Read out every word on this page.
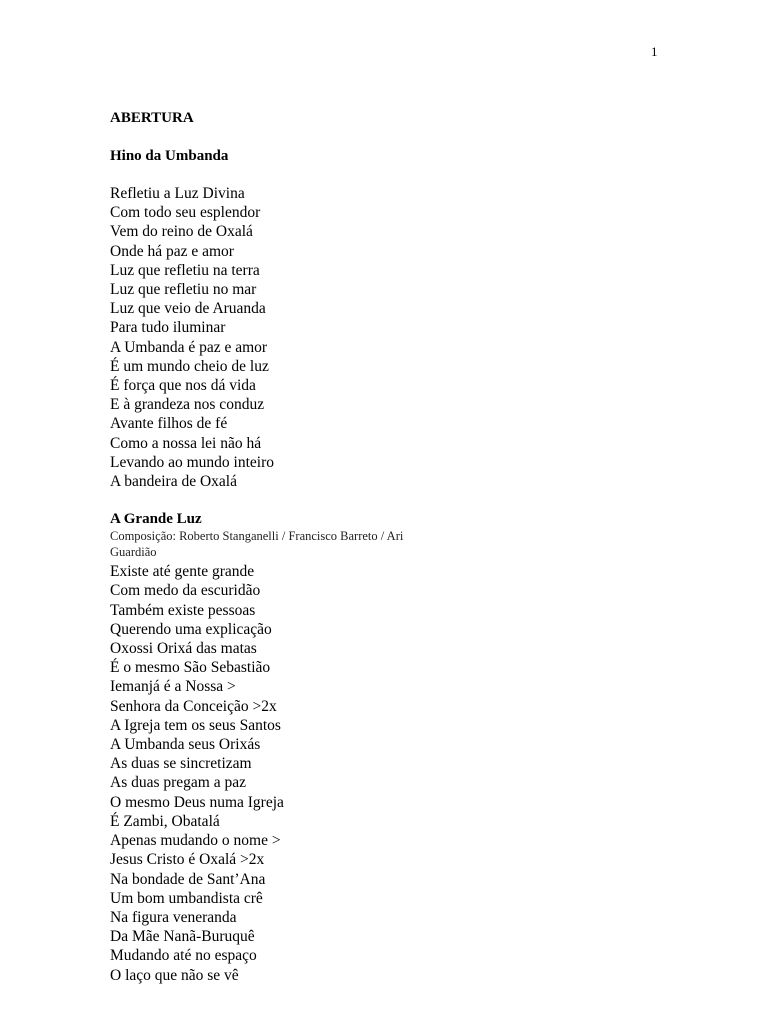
1
ABERTURA
Hino da Umbanda
Refletiu a Luz Divina
Com todo seu esplendor
Vem do reino de Oxalá
Onde há paz e amor
Luz que refletiu na terra
Luz que refletiu no mar
Luz que veio de Aruanda
Para tudo iluminar
A Umbanda é paz e amor
É um mundo cheio de luz
É força que nos dá vida
E à grandeza nos conduz
Avante filhos de fé
Como a nossa lei não há
Levando ao mundo inteiro
A bandeira de Oxalá
A Grande Luz

Composição: Roberto Stanganelli / Francisco Barreto / Ari Guardião

Existe até gente grande
Com medo da escuridão
Também existe pessoas
Querendo uma explicação
Oxossi Orixá das matas
É o mesmo São Sebastião
Iemanjá é a Nossa >
Senhora da Conceição >2x
A Igreja tem os seus Santos
A Umbanda seus Orixás
As duas se sincretizam
As duas pregam a paz
O mesmo Deus numa Igreja
É Zambi, Obatalá
Apenas mudando o nome >
Jesus Cristo é Oxalá >2x
Na bondade de Sant’Ana
Um bom umbandista crê
Na figura veneranda
Da Mãe Nanã-Buruquê
Mudando até no espaço
O laço que não se vê
